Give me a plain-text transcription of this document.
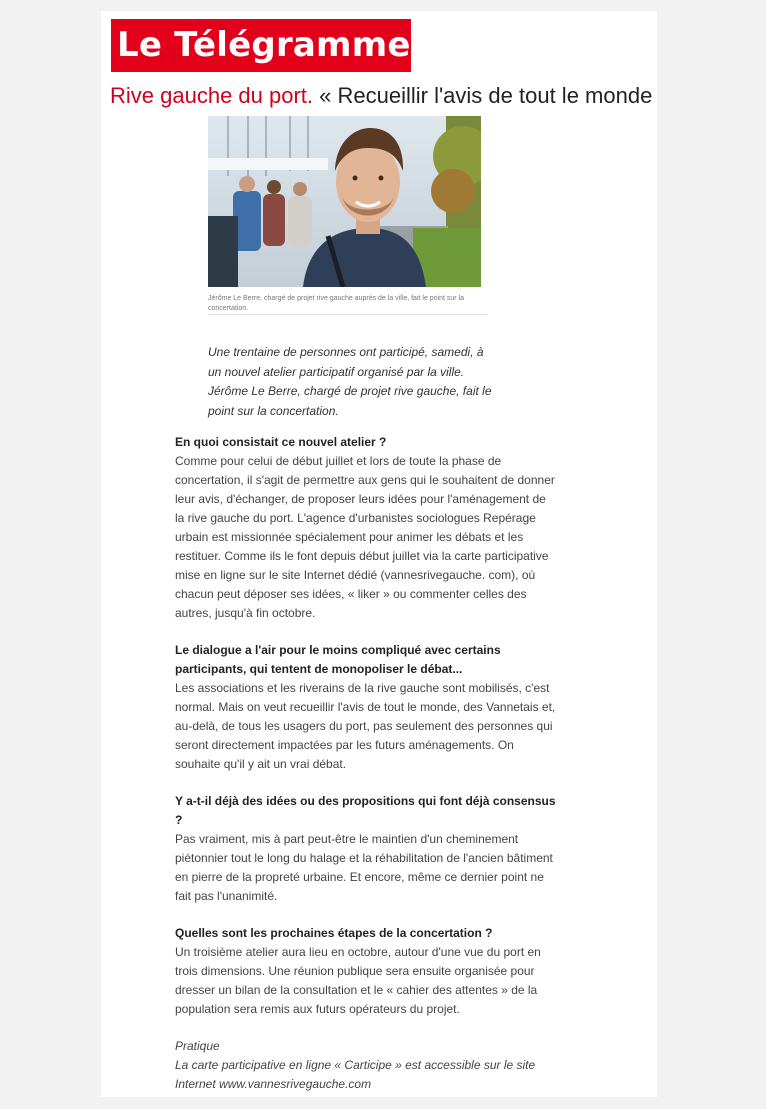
Le Télégramme
Rive gauche du port. « Recueillir l'avis de tout le monde
Jérôme Le Berre, chargé de projet rive gauche auprès de la ville, fait le point sur la concertation.

Une trentaine de personnes ont participé, samedi, à un nouvel atelier participatif organisé par la ville. Jérôme Le Berre, chargé de projet rive gauche, fait le point sur la concertation.

En quoi consistait ce nouvel atelier ?

Comme pour celui de début juillet et lors de toute la phase de concertation, il s'agit de permettre aux gens qui le souhaitent de donner leur avis, d'échanger, de proposer leurs idées pour l'aménagement de la rive gauche du port. L'agence d'urbanistes sociologues Repérage urbain est missionnée spécialement pour animer les débats et les restituer. Comme ils le font depuis début juillet via la carte participative mise en ligne sur le site Internet dédié (vannesrivegauche. com), où chacun peut déposer ses idées, « liker » ou commenter celles des autres, jusqu'à fin octobre.

Le dialogue a l'air pour le moins compliqué avec certains participants, qui tentent de monopoliser le débat...

Les associations et les riverains de la rive gauche sont mobilisés, c'est normal. Mais on veut recueillir l'avis de tout le monde, des Vannetais et, au-delà, de tous les usagers du port, pas seulement des personnes qui seront directement impactées par les futurs aménagements. On souhaite qu'il y ait un vrai débat.

Y a-t-il déjà des idées ou des propositions qui font déjà consensus ?

Pas vraiment, mis à part peut-être le maintien d'un cheminement piétonnier tout le long du halage et la réhabilitation de l'ancien bâtiment en pierre de la propreté urbaine. Et encore, même ce dernier point ne fait pas l'unanimité.

Quelles sont les prochaines étapes de la concertation ?

Un troisième atelier aura lieu en octobre, autour d'une vue du port en trois dimensions. Une réunion publique sera ensuite organisée pour dresser un bilan de la consultation et le « cahier des attentes » de la population sera remis aux futurs opérateurs du projet.

Pratique

La carte participative en ligne « Carticipe » est accessible sur le site Internet www.vannesrivegauche.com
